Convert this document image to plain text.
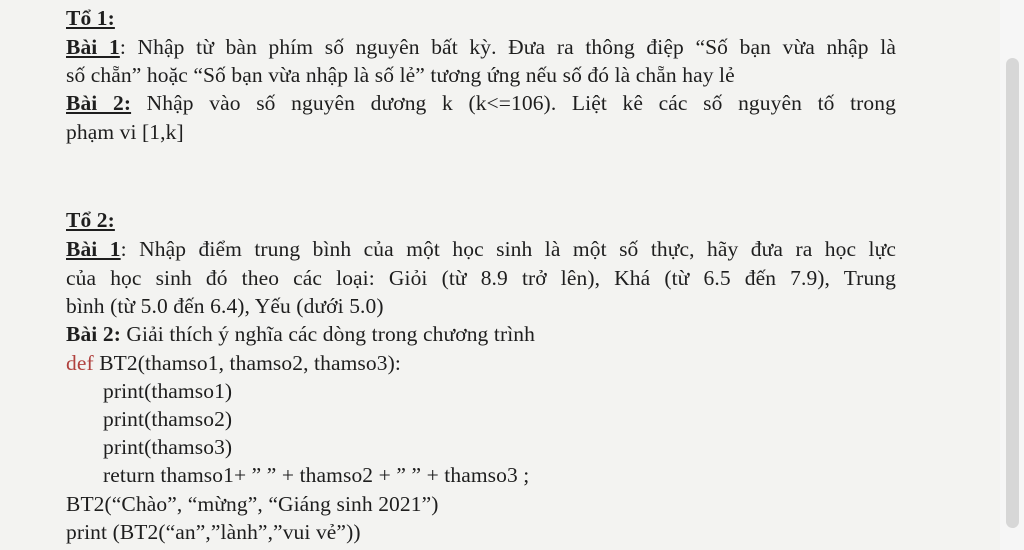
Tổ 1:
Bài 1: Nhập từ bàn phím số nguyên bất kỳ. Đưa ra thông điệp “Số bạn vừa nhập là
số chẵn” hoặc “Số bạn vừa nhập là số lẻ” tương ứng nếu số đó là chẵn hay lẻ
Bài 2: Nhập vào số nguyên dương k (k<=106). Liệt kê các số nguyên tố trong
phạm vi [1,k]
Tổ 2:
Bài 1: Nhập điểm trung bình của một học sinh là một số thực, hãy đưa ra học lực
của học sinh đó theo các loại: Giỏi (từ 8.9 trở lên), Khá (từ 6.5 đến 7.9), Trung
bình (từ 5.0 đến 6.4), Yếu (dưới 5.0)
Bài 2: Giải thích ý nghĩa các dòng trong chương trình
def BT2(thamso1, thamso2, thamso3):
print(thamso1)
print(thamso2)
print(thamso3)
return thamso1+ ” ” + thamso2 + ” ” + thamso3 ;
BT2(“Chào”, “mừng”, “Giáng sinh 2021”)
print (BT2(“an”,”lành”,”vui vẻ”))
